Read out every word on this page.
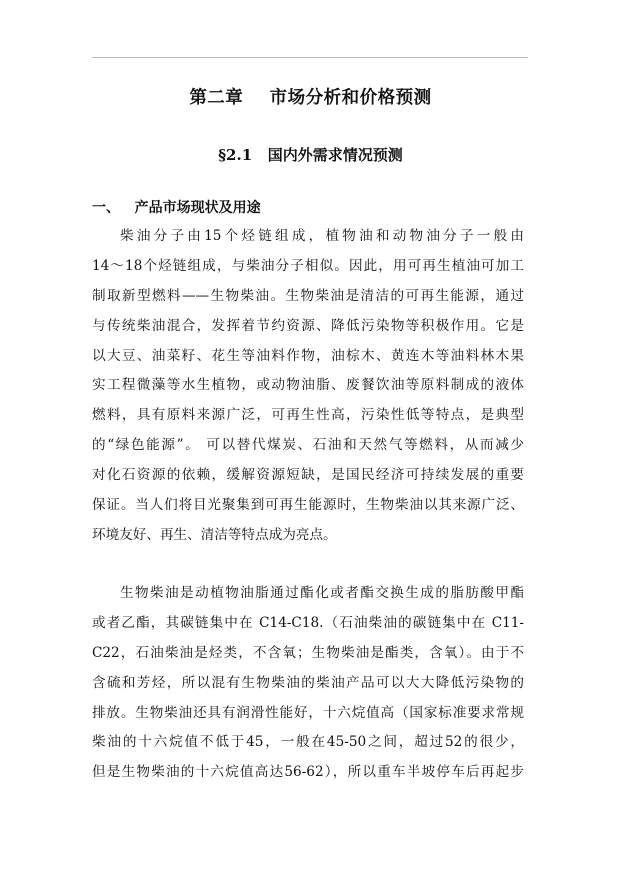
第二章    市场分析和价格预测
§2.1   国内外需求情况预测
一、   产品市场现状及用途
柴油分子由15个烃链组成，植物油和动物油分子一般由
14～18个烃链组成，与柴油分子相似。因此，用可再生植油可加工
制取新型燃料——生物柴油。生物柴油是清洁的可再生能源，通过
与传统柴油混合，发挥着节约资源、降低污染物等积极作用。它是
以大豆、油菜籽、花生等油料作物，油棕木、黄连木等油料林木果
实工程微藻等水生植物，或动物油脂、废餐饮油等原料制成的液体
燃料，具有原料来源广泛，可再生性高，污染性低等特点，是典型
的“绿色能源”。 可以替代煤炭、石油和天然气等燃料，从而减少
对化石资源的依赖，缓解资源短缺，是国民经济可持续发展的重要
保证。当人们将目光聚集到可再生能源时，生物柴油以其来源广泛、
环境友好、再生、清洁等特点成为亮点。
生物柴油是动植物油脂通过酯化或者酯交换生成的脂肪酸甲酯
或者乙酯，其碳链集中在 C14-C18.（石油柴油的碳链集中在 C11-
C22，石油柴油是烃类，不含氧；生物柴油是酯类，含氧）。由于不
含硫和芳烃，所以混有生物柴油的柴油产品可以大大降低污染物的
排放。生物柴油还具有润滑性能好，十六烷值高（国家标准要求常规
柴油的十六烷值不低于45，一般在45-50之间，超过52的很少，
但是生物柴油的十六烷值高达56-62），所以重车半坡停车后再起步
